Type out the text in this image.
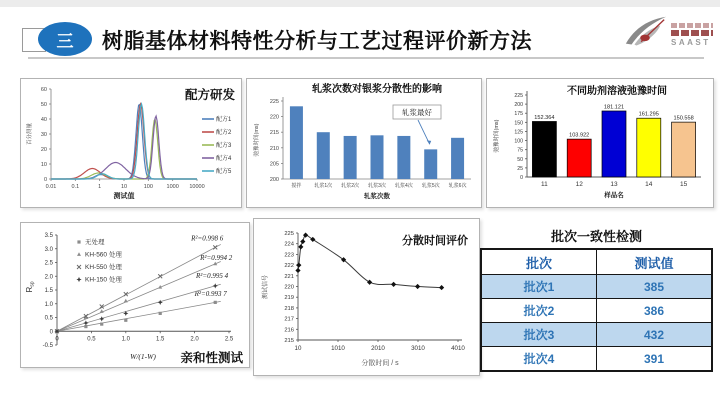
三 树脂基体材料特性分析与工艺过程评价新方法	SAAST
0
10
20
30
40
50
60
0.01	0.1	1	10	100 1000 10000
测试值
百分测量
配方研发
配方1
配方2
配方3
配方4
配方5
200
205
210
215
220
225
搅拌	轧浆1次 轧浆2次 轧浆3次 轧浆4次 轧浆5次 轧浆6次
轧浆次数
弛豫时间(ms)
轧浆次数对银浆分散性的影响
轧浆最好
0
25
50
75
100
125
150
175
200
225
152.364
11
103.922
12
181.121
13
161.295
14
150.558
15
样品名
弛豫时间(ms)
不同助剂溶液弛豫时间
-0.5
0
0.5
1.0
1.5
2.0
2.5
3.0
3.5
0	0.5	1.0	1.5	2.0	2.5
R²=0.993 7
R²=0.994 2
R²=0.998 6
R²=0.995 4
无处理
KH-560 处理
KH-550 处理
KH-150 处理
Rsp
W/(1-W) 亲和性测试
215
216
217
218
219
220
221
222
223
224
225
10	1010	2010	3010	4010
分散时间评价
分散时间 / s
测试信号
批次一致性检测
批次	测试值
批次1	385
批次2	386
批次3	432
批次4	391
